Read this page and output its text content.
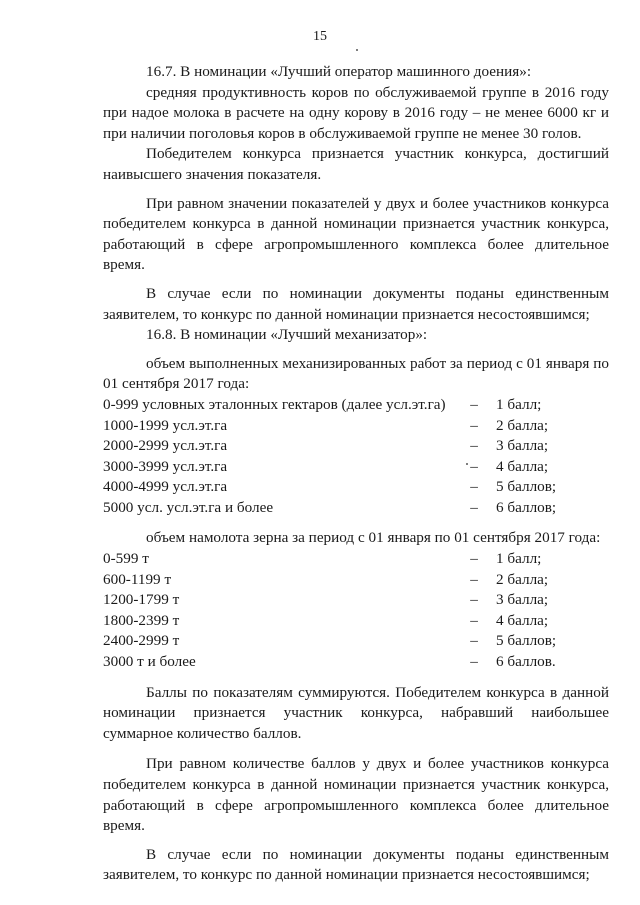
15

16.7. В номинации «Лучший оператор машинного доения»:

средняя продуктивность коров по обслуживаемой группе в 2016 году при надое молока в расчете на одну корову в 2016 году – не менее 6000 кг и при наличии поголовья коров в обслуживаемой группе не менее 30 голов.

Победителем конкурса признается участник конкурса, достигший наивысшего значения показателя.

При равном значении показателей у двух и более участников конкурса победителем конкурса в данной номинации признается участник конкурса, работающий в сфере агропромышленного комплекса более длительное время.

В случае если по номинации документы поданы единственным заявителем, то конкурс по данной номинации признается несостоявшимся;

16.8. В номинации «Лучший механизатор»:

объем выполненных механизированных работ за период с 01 января по 01 сентября 2017 года:

0-999 условных эталонных гектаров (далее усл.эт.га)	–	1 балл;
1000-1999 усл.эт.га	–	2 балла;
2000-2999 усл.эт.га	–	3 балла;
3000-3999 усл.эт.га	–	4 балла;
4000-4999 усл.эт.га	–	5 баллов;
5000 усл. усл.эт.га и более	–	6 баллов;

объем намолота зерна за период с 01 января по 01 сентября 2017 года:

0-599 т	–	1 балл;
600-1199 т	–	2 балла;
1200-1799 т	–	3 балла;
1800-2399 т	–	4 балла;
2400-2999 т	–	5 баллов;
3000 т и более	–	6 баллов.

Баллы по показателям суммируются. Победителем конкурса в данной номинации признается участник конкурса, набравший наибольшее суммарное количество баллов.

При равном количестве баллов у двух и более участников конкурса победителем конкурса в данной номинации признается участник конкурса, работающий в сфере агропромышленного комплекса более длительное время.

В случае если по номинации документы поданы единственным заявителем, то конкурс по данной номинации признается несостоявшимся;
